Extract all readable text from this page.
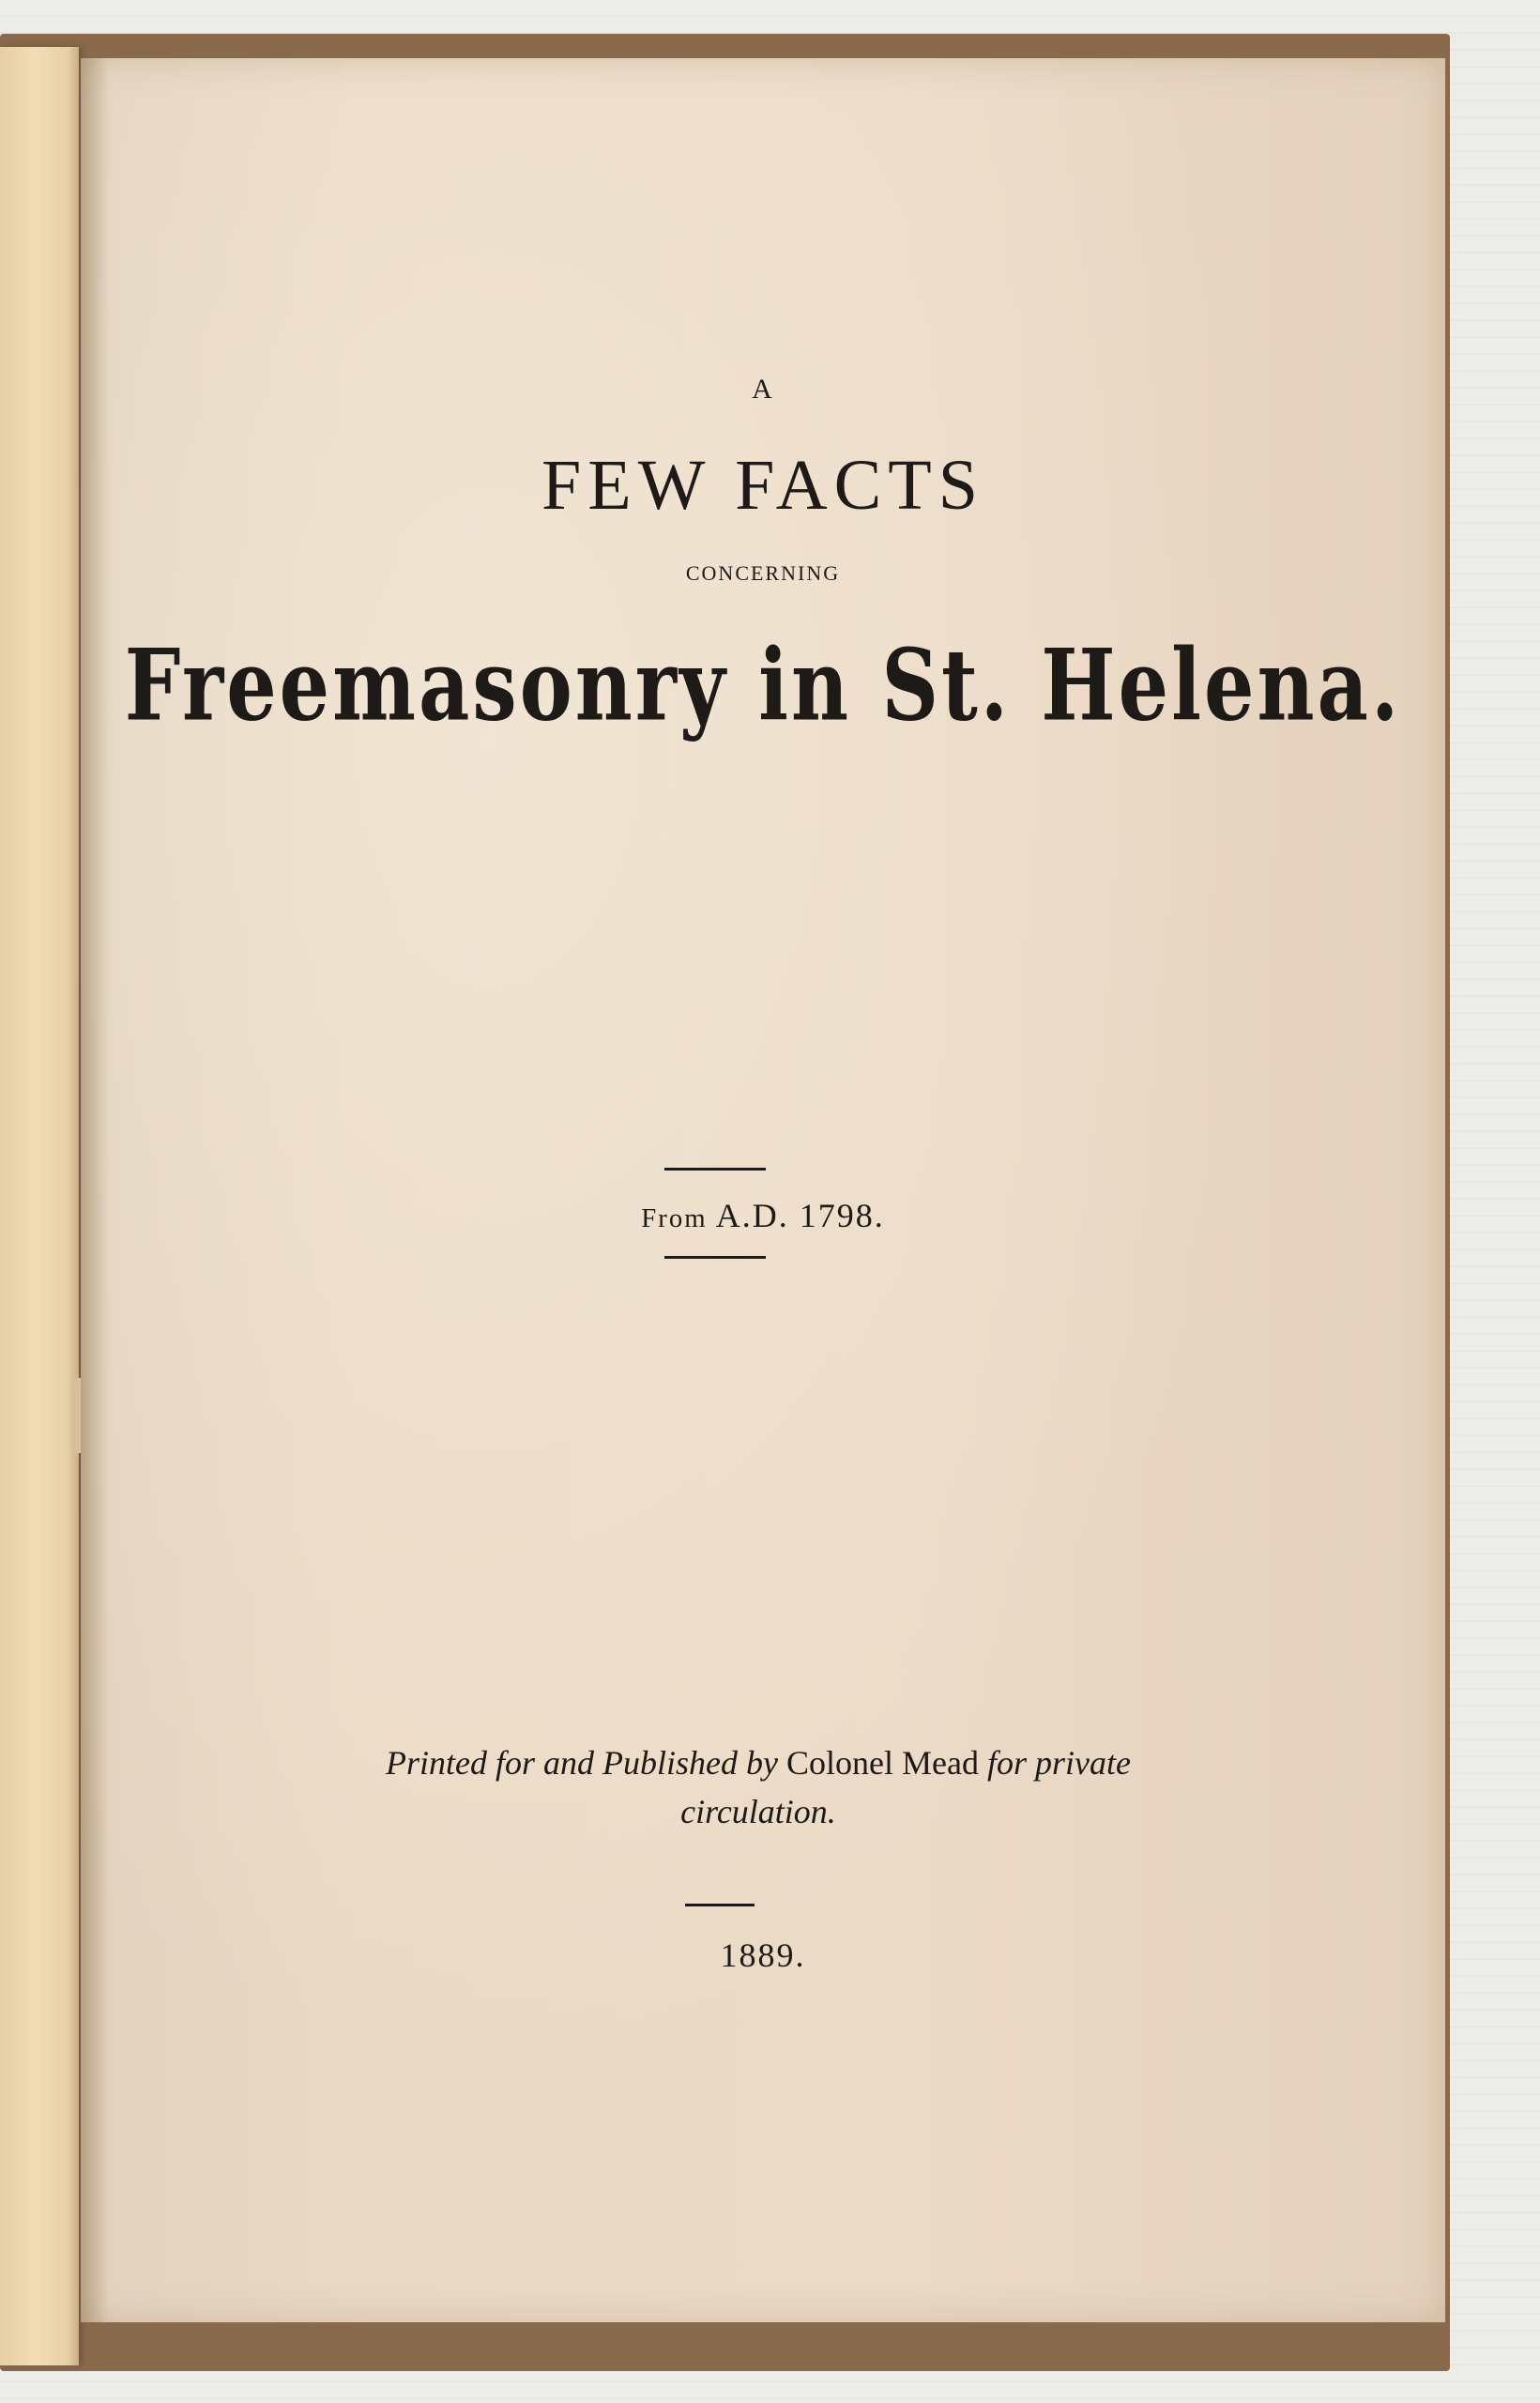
A
FEW FACTS
CONCERNING
Freemasonry in St. Helena.
From A.D. 1798.
Printed for and Published by Colonel Mead for private circulation.
1889.
